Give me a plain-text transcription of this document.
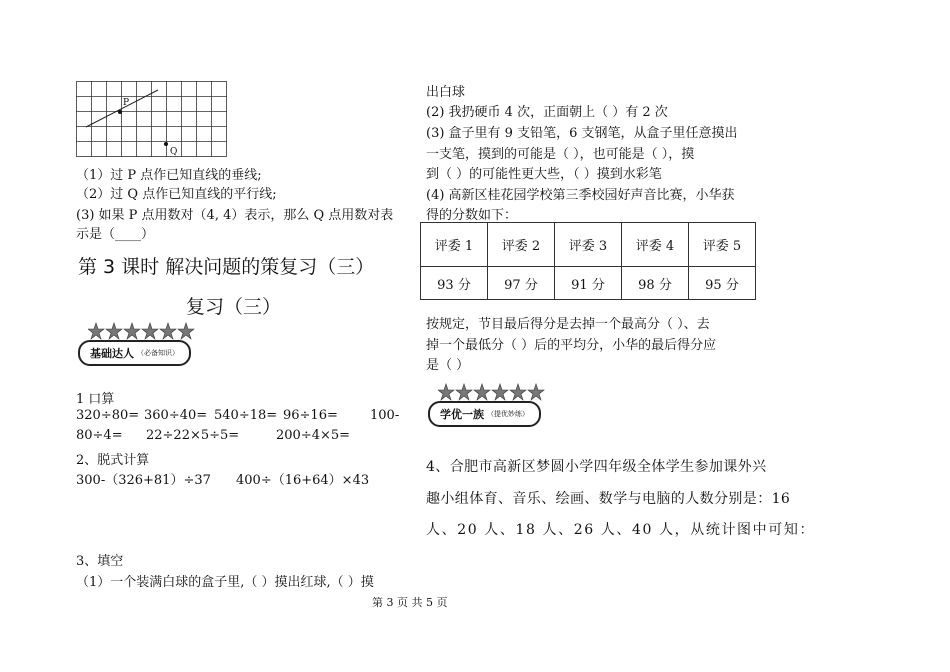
P
Q
（1）过 P 点作已知直线的垂线;
（2）过 Q 点作已知直线的平行线;
(3) 如果 P 点用数对（4, 4）表示，那么 Q 点用数对表
示是（____）
第 3 课时 解决问题的策复习（三）
复习（三）
基础达人 （必备知识）
1 口算
320÷80= 360÷40= 540÷18= 96÷16= 100-
80÷4= 22÷22×5÷5=	200÷4×5=
2、脱式计算
300-（326+81）÷37 400÷（16+64）×43
3、填空
（1）一个装满白球的盒子里,（ ）摸出红球,（ ）摸
出白球
(2) 我扔硬币 4 次，正面朝上（ ）有 2 次
(3) 盒子里有 9 支铅笔，6 支钢笔，从盒子里任意摸出
一支笔，摸到的可能是（ ），也可能是（ ），摸
到（ ）的可能性更大些，（ ）摸到水彩笔
(4) 高新区桂花园学校第三季校园好声音比赛，小华获
得的分数如下：
评委 1	评委 2	评委 3	评委 4	评委 5
93 分	97 分	91 分	98 分	95 分
按规定，节目最后得分是去掉一个最高分（ ）、去
掉一个最低分（ ）后的平均分，小华的最后得分应
是（ ）
学优一族 （提优妙练）
4、合肥市高新区梦圆小学四年级全体学生参加课外兴
趣小组体育、音乐、绘画、数学与电脑的人数分别是：16
人、20 人、18 人、26 人、40 人，从统计图中可知：
第 3 页 共 5 页
